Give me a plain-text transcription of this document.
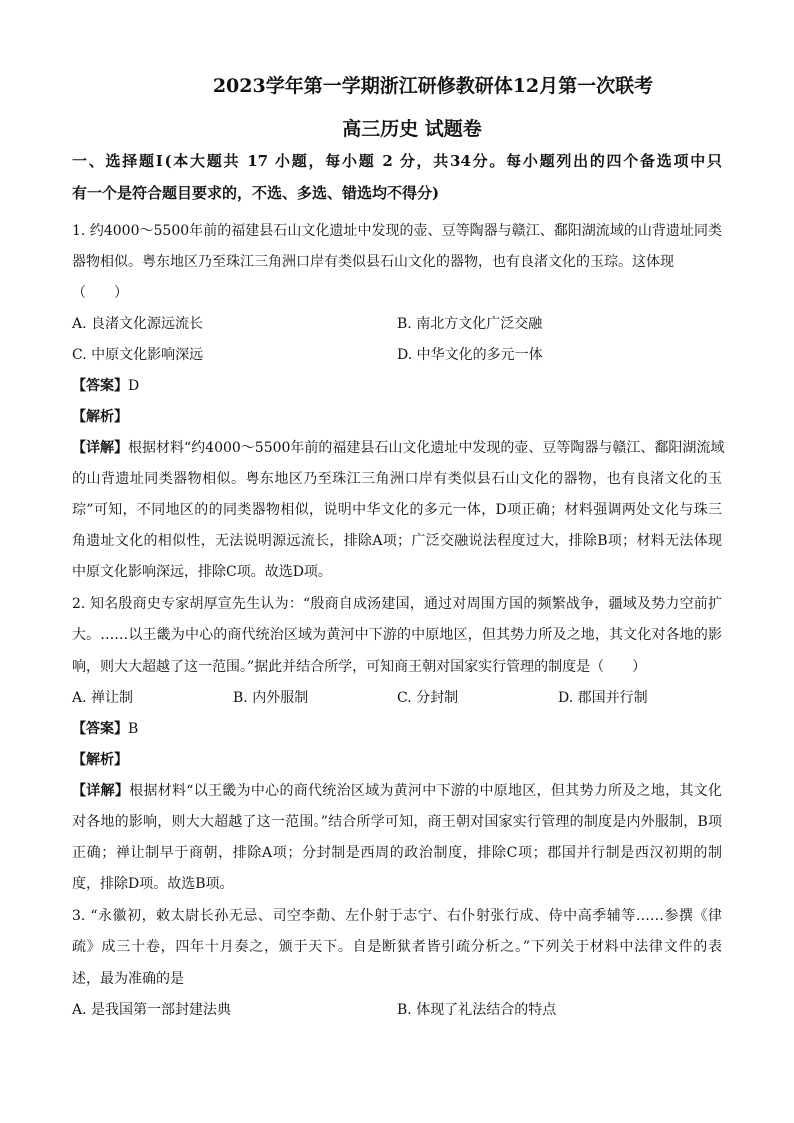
2023学年第一学期浙江研修教研体12月第一次联考
高三历史 试题卷
一、选择题Ⅰ(本大题共 17 小题，每小题 2 分，共34分。每小题列出的四个备选项中只
有一个是符合题目要求的，不选、多选、错选均不得分)
1. 约4000～5500年前的福建县石山文化遗址中发现的壶、豆等陶器与赣江、鄱阳湖流域的山背遗址同类
器物相似。粤东地区乃至珠江三角洲口岸有类似县石山文化的器物，也有良渚文化的玉琮。这体现
（　　）
A. 良渚文化源远流长	B. 南北方文化广泛交融
C. 中原文化影响深远	D. 中华文化的多元一体
【答案】D
【解析】
【详解】根据材料“约4000～5500年前的福建县石山文化遗址中发现的壶、豆等陶器与赣江、鄱阳湖流域
的山背遗址同类器物相似。粤东地区乃至珠江三角洲口岸有类似县石山文化的器物，也有良渚文化的玉
琮”可知，不同地区的的同类器物相似，说明中华文化的多元一体，D项正确；材料强调两处文化与珠三
角遗址文化的相似性，无法说明源远流长，排除A项；广泛交融说法程度过大，排除B项；材料无法体现
中原文化影响深远，排除C项。故选D项。
2. 知名殷商史专家胡厚宣先生认为：“殷商自成汤建国，通过对周围方国的频繁战争，疆域及势力空前扩
大。……以王畿为中心的商代统治区域为黄河中下游的中原地区，但其势力所及之地，其文化对各地的影
响，则大大超越了这一范围。”据此并结合所学，可知商王朝对国家实行管理的制度是（　　）
A. 禅让制	B. 内外服制	C. 分封制	D. 郡国并行制
【答案】B
【解析】
【详解】根据材料“以王畿为中心的商代统治区域为黄河中下游的中原地区，但其势力所及之地，其文化
对各地的影响，则大大超越了这一范围。”结合所学可知，商王朝对国家实行管理的制度是内外服制，B项
正确；禅让制早于商朝，排除A项；分封制是西周的政治制度，排除C项；郡国并行制是西汉初期的制
度，排除D项。故选B项。
3. “永徽初，敕太尉长孙无忌、司空李勣、左仆射于志宁、右仆射张行成、侍中高季辅等……参撰《律
疏》成三十卷，四年十月奏之，颁于天下。自是断狱者皆引疏分析之。”下列关于材料中法律文件的表
述，最为准确的是
A. 是我国第一部封建法典	B. 体现了礼法结合的特点
